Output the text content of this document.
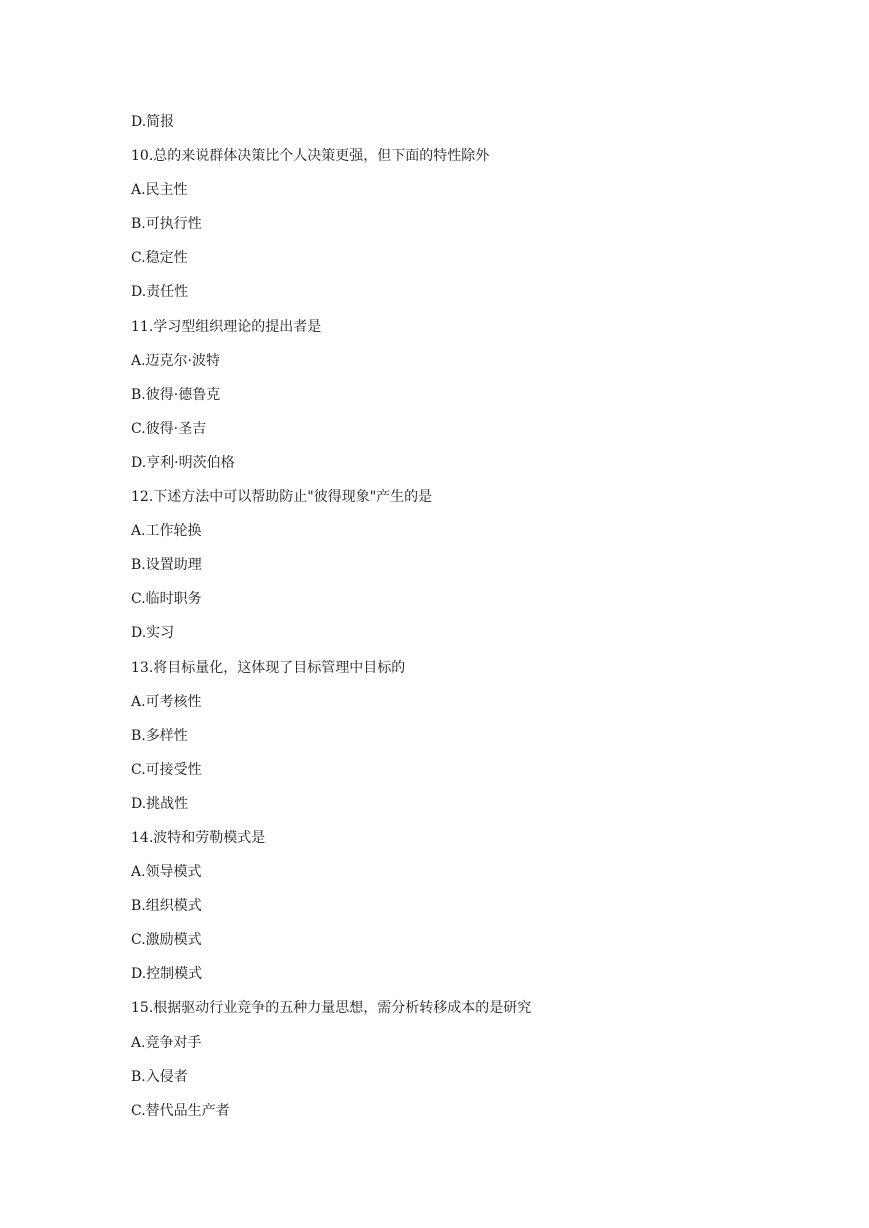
D.简报
10.总的来说群体决策比个人决策更强，但下面的特性除外
A.民主性
B.可执行性
C.稳定性
D.责任性
11.学习型组织理论的提出者是
A.迈克尔·波特
B.彼得·德鲁克
C.彼得·圣吉
D.亨利·明茨伯格
12.下述方法中可以帮助防止"彼得现象"产生的是
A.工作轮换
B.设置助理
C.临时职务
D.实习
13.将目标量化，这体现了目标管理中目标的
A.可考核性
B.多样性
C.可接受性
D.挑战性
14.波特和劳勒模式是
A.领导模式
B.组织模式
C.激励模式
D.控制模式
15.根据驱动行业竞争的五种力量思想，需分析转移成本的是研究
A.竞争对手
B.入侵者
C.替代品生产者
